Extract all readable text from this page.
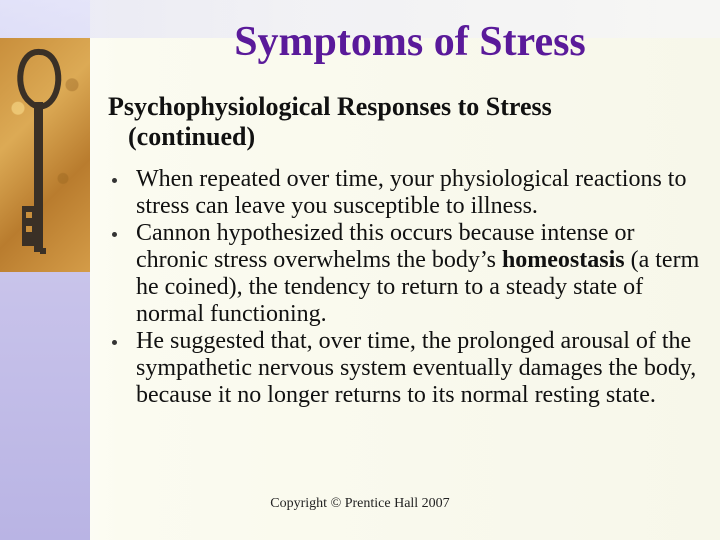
Symptoms of Stress
Psychophysiological Responses to Stress
(continued)
When repeated over time, your physiological reactions to stress can leave you susceptible to illness.
Cannon hypothesized this occurs because intense or chronic stress overwhelms the body’s homeostasis (a term he coined), the tendency to return to a steady state of normal functioning.
He suggested that, over time, the prolonged arousal of the sympathetic nervous system eventually damages the body, because it no longer returns to its normal resting state.
Copyright © Prentice Hall 2007
